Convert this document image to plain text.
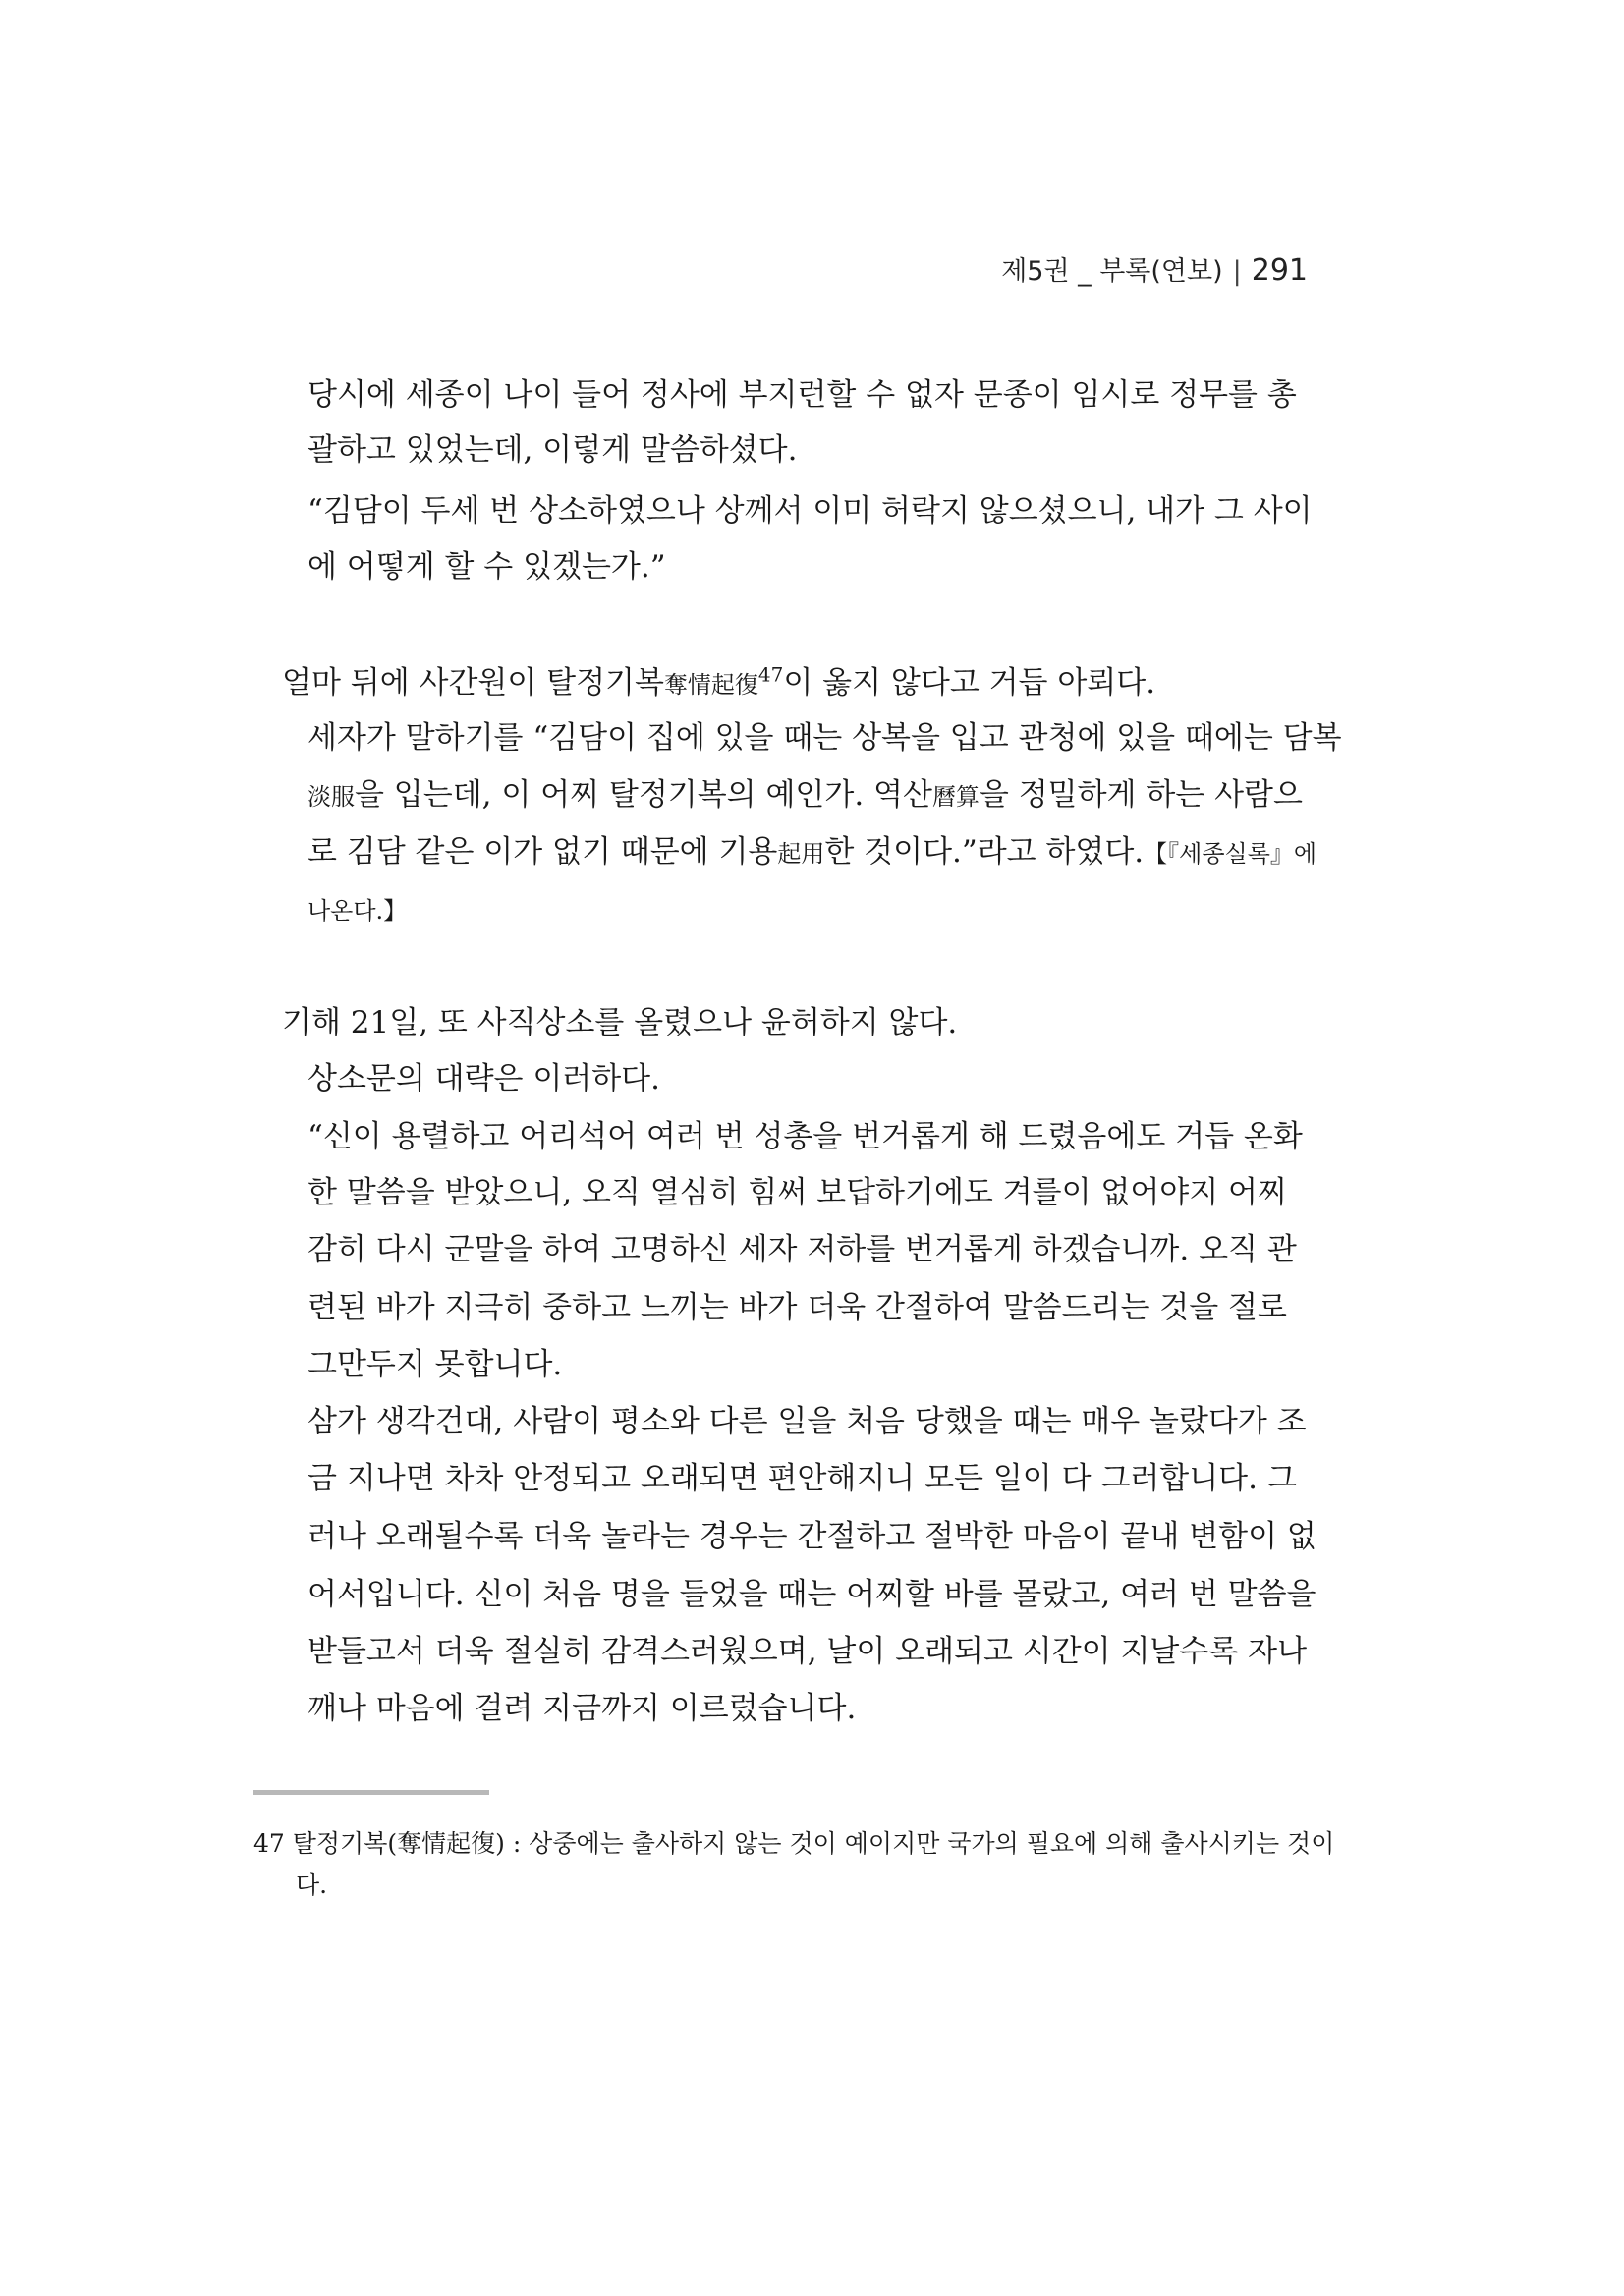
제5권 _ 부록(연보) | 291
당시에 세종이 나이 들어 정사에 부지런할 수 없자 문종이 임시로 정무를 총
괄하고 있었는데, 이렇게 말씀하셨다.
“김담이 두세 번 상소하였으나 상께서 이미 허락지 않으셨으니, 내가 그 사이
에 어떻게 할 수 있겠는가.”
얼마 뒤에 사간원이 탈정기복奪情起復$^{47}$이 옳지 않다고 거듭 아뢰다.
세자가 말하기를 “김담이 집에 있을 때는 상복을 입고 관청에 있을 때에는 담복
淡服을 입는데, 이 어찌 탈정기복의 예인가. 역산曆算을 정밀하게 하는 사람으
로 김담 같은 이가 없기 때문에 기용起用한 것이다.”라고 하였다.【『세종실록』에
나온다.】
기해 21일, 또 사직상소를 올렸으나 윤허하지 않다.
상소문의 대략은 이러하다.
“신이 용렬하고 어리석어 여러 번 성총을 번거롭게 해 드렸음에도 거듭 온화
한 말씀을 받았으니, 오직 열심히 힘써 보답하기에도 겨를이 없어야지 어찌
감히 다시 군말을 하여 고명하신 세자 저하를 번거롭게 하겠습니까. 오직 관
련된 바가 지극히 중하고 느끼는 바가 더욱 간절하여 말씀드리는 것을 절로
그만두지 못합니다.
삼가 생각건대, 사람이 평소와 다른 일을 처음 당했을 때는 매우 놀랐다가 조
금 지나면 차차 안정되고 오래되면 편안해지니 모든 일이 다 그러합니다. 그
러나 오래될수록 더욱 놀라는 경우는 간절하고 절박한 마음이 끝내 변함이 없
어서입니다. 신이 처음 명을 들었을 때는 어찌할 바를 몰랐고, 여러 번 말씀을
받들고서 더욱 절실히 감격스러웠으며, 날이 오래되고 시간이 지날수록 자나
깨나 마음에 걸려 지금까지 이르렀습니다.
47 탈정기복(奪情起復) : 상중에는 출사하지 않는 것이 예이지만 국가의 필요에 의해 출사시키는 것이
다.
